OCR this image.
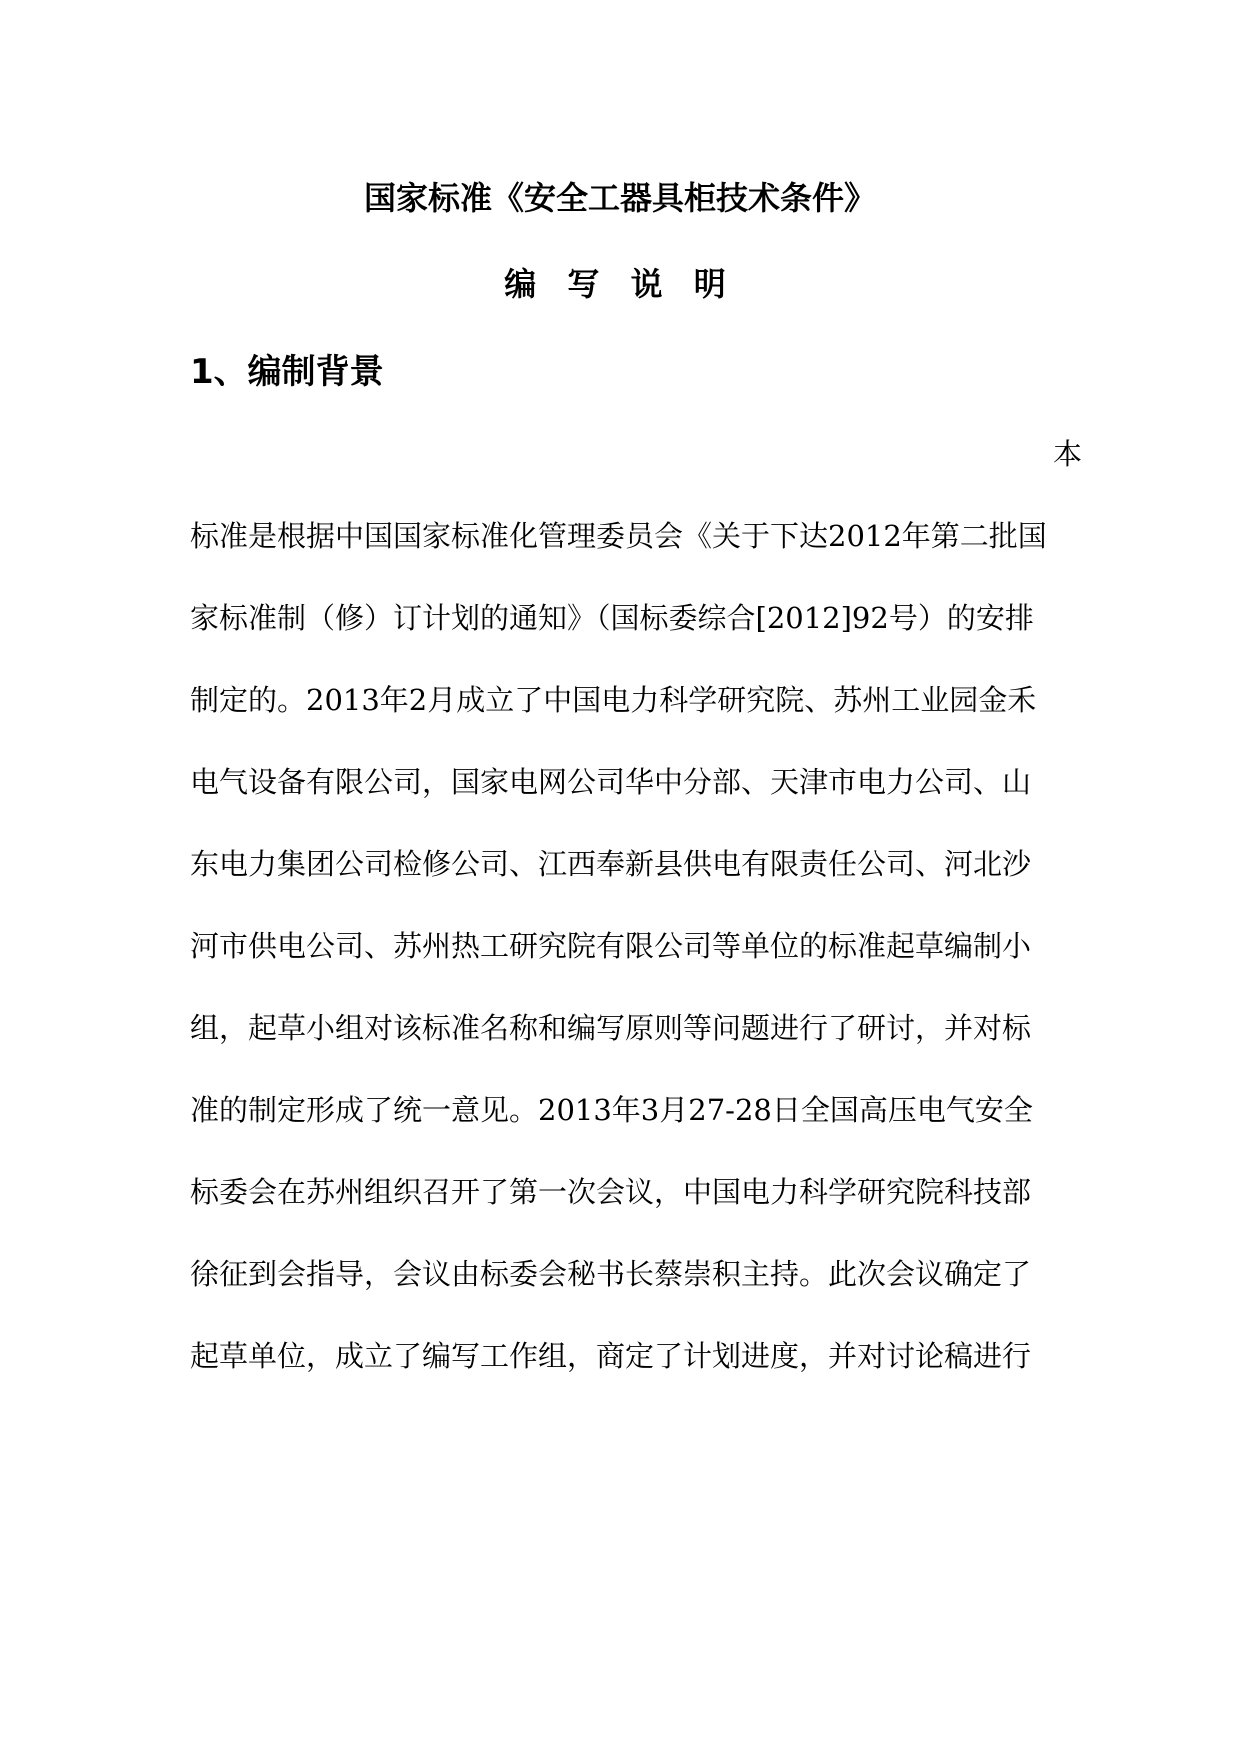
国家标准《安全工器具柜技术条件》
编 写 说 明
1、编制背景
本
标准是根据中国国家标准化管理委员会《关于下达2012年第二批国
家标准制（修）订计划的通知》（国标委综合[2012]92号）的安排
制定的。2013年2月成立了中国电力科学研究院、苏州工业园金禾
电气设备有限公司，国家电网公司华中分部、天津市电力公司、山
东电力集团公司检修公司、江西奉新县供电有限责任公司、河北沙
河市供电公司、苏州热工研究院有限公司等单位的标准起草编制小
组，起草小组对该标准名称和编写原则等问题进行了研讨，并对标
准的制定形成了统一意见。2013年3月27-28日全国高压电气安全
标委会在苏州组织召开了第一次会议，中国电力科学研究院科技部
徐征到会指导，会议由标委会秘书长蔡崇积主持。此次会议确定了
起草单位，成立了编写工作组，商定了计划进度，并对讨论稿进行
